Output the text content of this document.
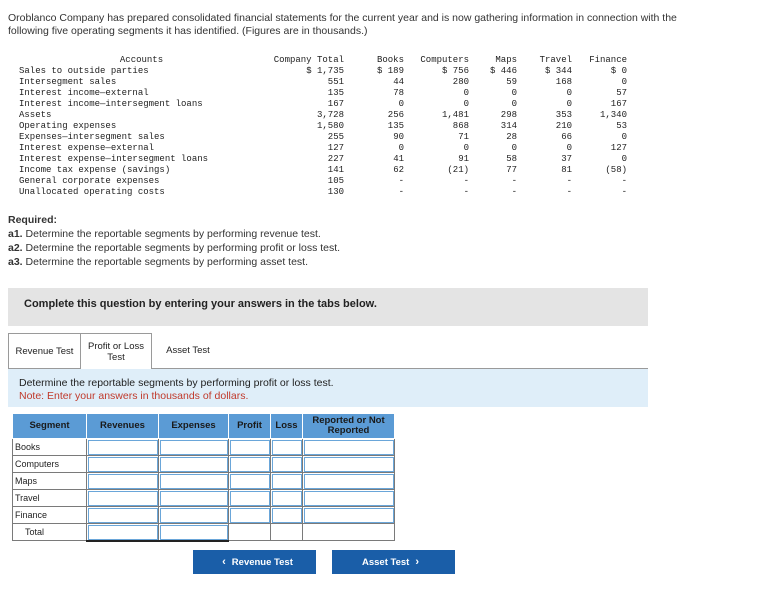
Oroblanco Company has prepared consolidated financial statements for the current year and is now gathering information in connection with the following five operating segments it has identified. (Figures are in thousands.)
Accounts	Company Total	Books	Computers	Maps	Travel	Finance
Sales to outside parties	$ 1,735	$ 189	$ 756	$ 446	$ 344	$ 0
Intersegment sales	551	44	280	59	168	0
Interest income—external	135	78	0	0	0	57
Interest income—intersegment loans	167	0	0	0	0	167
Assets	3,728	256	1,481	298	353	1,340
Operating expenses	1,580	135	868	314	210	53
Expenses—intersegment sales	255	90	71	28	66	0
Interest expense—external	127	0	0	0	0	127
Interest expense—intersegment loans	227	41	91	58	37	0
Income tax expense (savings)	141	62	(21)	77	81	(58)
General corporate expenses	105	-	-	-	-	-
Unallocated operating costs	130	-	-	-	-	-
Required:
a1. Determine the reportable segments by performing revenue test.
a2. Determine the reportable segments by performing profit or loss test.
a3. Determine the reportable segments by performing asset test.
Complete this question by entering your answers in the tabs below.
Revenue Test	Profit or Loss Test
Asset Test
Determine the reportable segments by performing profit or loss test.
Note: Enter your answers in thousands of dollars.
Segment	Revenues	Expenses	Profit	Loss	Reported or Not Reported
Books					
Computers					
Maps					
Travel					
Finance					
Total					
‹ Revenue Test	Asset Test ›
